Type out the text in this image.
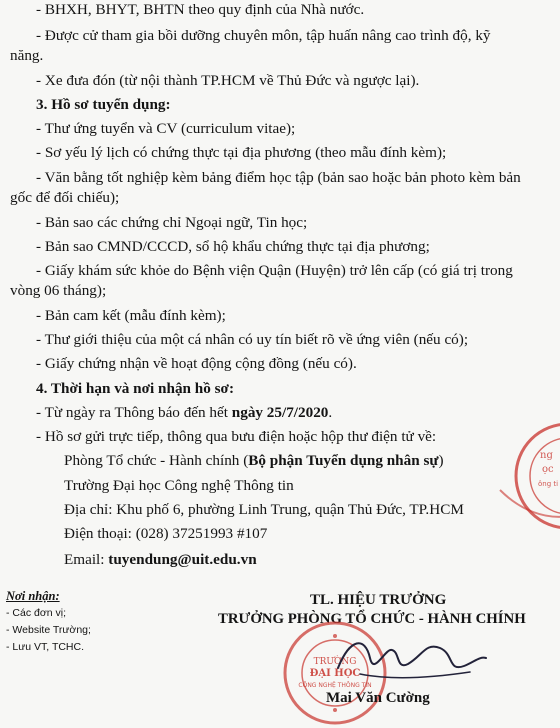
- BHXH, BHYT, BHTN theo quy định của Nhà nước.
- Được cử tham gia bồi dưỡng chuyên môn, tập huấn nâng cao trình độ, kỹ
năng.
- Xe đưa đón (từ nội thành TP.HCM về Thủ Đức và ngược lại).
3. Hồ sơ tuyển dụng:
- Thư ứng tuyển và CV (curriculum vitae);
- Sơ yếu lý lịch có chứng thực tại địa phương (theo mẫu đính kèm);
- Văn bằng tốt nghiệp kèm bảng điểm học tập (bản sao hoặc bản photo kèm bản
gốc để đối chiếu);
- Bản sao các chứng chỉ Ngoại ngữ, Tin học;
- Bản sao CMND/CCCD, sổ hộ khẩu chứng thực tại địa phương;
- Giấy khám sức khỏe do Bệnh viện Quận (Huyện) trở lên cấp (có giá trị trong
vòng 06 tháng);
- Bản cam kết (mẫu đính kèm);
- Thư giới thiệu của một cá nhân có uy tín biết rõ về ứng viên (nếu có);
- Giấy chứng nhận về hoạt động cộng đồng (nếu có).
4. Thời hạn và nơi nhận hồ sơ:
- Từ ngày ra Thông báo đến hết ngày 25/7/2020.
- Hồ sơ gửi trực tiếp, thông qua bưu điện hoặc hộp thư điện tử về:
Phòng Tổ chức - Hành chính (Bộ phận Tuyển dụng nhân sự)
Trường Đại học Công nghệ Thông tin
Địa chỉ: Khu phố 6, phường Linh Trung, quận Thủ Đức, TP.HCM
Điện thoại: (028) 37251993 #107
Email: tuyendung@uit.edu.vn
Nơi nhận:
- Các đơn vị;
- Website Trường;
- Lưu VT, TCHC.
ng
ọc
ông ti
TL. HIỆU TRƯỞNG
TRƯỞNG PHÒNG TỔ CHỨC - HÀNH CHÍNH
TRƯỜNG
ĐẠI HỌC
CÔNG NGHỆ THÔNG TIN
Mai Văn Cường
